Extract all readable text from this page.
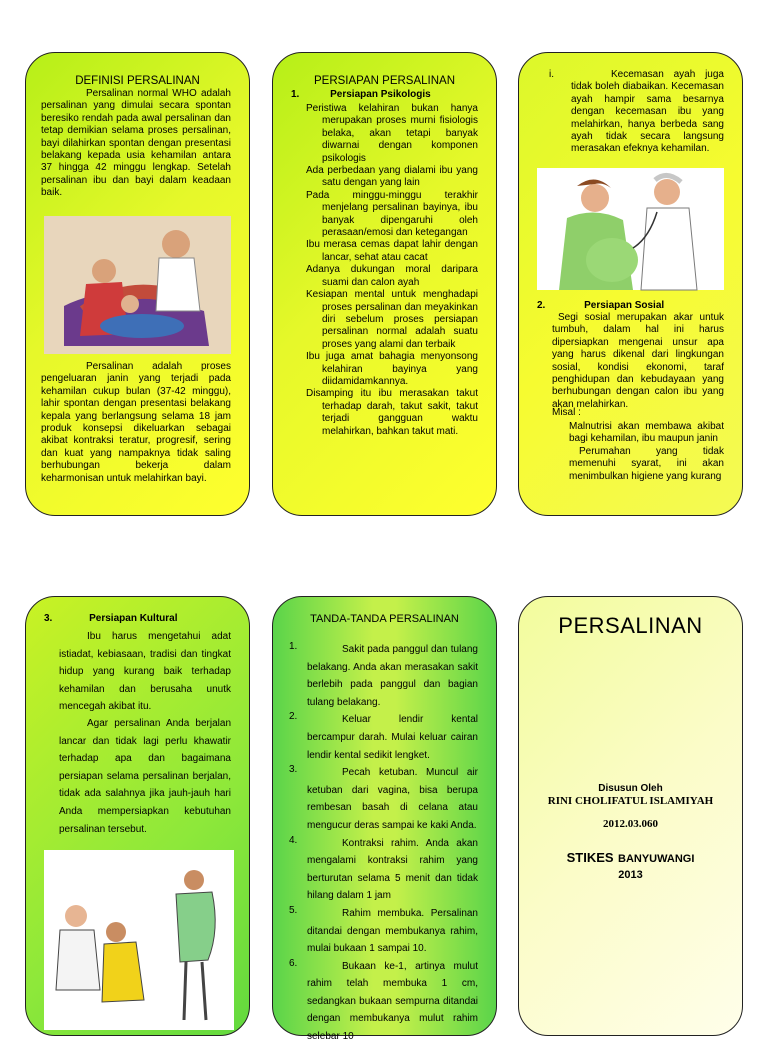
DEFINISI PERSALINAN
Persalinan normal WHO adalah persalinan yang dimulai secara spontan beresiko rendah pada awal persalinan dan tetap demikian selama proses persalinan, bayi dilahirkan spontan dengan presentasi belakang kepada usia kehamilan antara 37 hingga 42 minggu lengkap. Setelah persalinan ibu dan bayi dalam keadaan baik.
Persalinan adalah proses pengeluaran janin yang terjadi pada kehamilan cukup bulan (37-42 minggu), lahir spontan dengan presentasi belakang kepala yang berlangsung selama 18 jam produk konsepsi dikeluarkan sebagai akibat kontraksi teratur, progresif, sering dan kuat yang nampaknya tidak saling berhubungan bekerja dalam keharmonisan untuk melahirkan bayi.
PERSIAPAN PERSALINAN
1.	Persiapan Psikologis
Peristiwa kelahiran bukan hanya merupakan proses murni fisiologis belaka, akan tetapi banyak diwarnai dengan komponen psikologis
Ada perbedaan yang dialami ibu yang satu dengan yang lain
Pada minggu-minggu terakhir menjelang persalinan bayinya, ibu banyak dipengaruhi oleh perasaan/emosi dan ketegangan
Ibu merasa cemas dapat lahir dengan lancar, sehat atau cacat
Adanya dukungan moral daripara suami dan calon ayah
Kesiapan mental untuk menghadapi proses persalinan dan meyakinkan diri sebelum proses persiapan persalinan normal adalah suatu proses yang alami dan terbaik
Ibu juga amat bahagia menyonsong kelahiran bayinya yang diidamidamkannya.
Disamping itu ibu merasakan takut terhadap darah, takut sakit, takut terjadi gangguan waktu melahirkan, bahkan takut mati.
i.	Kecemasan ayah juga tidak boleh diabaikan. Kecemasan ayah hampir sama besarnya dengan kecemasan ibu yang melahirkan, hanya berbeda sang ayah tidak secara langsung merasakan efeknya kehamilan.
2.	Persiapan Sosial
Segi sosial merupakan akar untuk tumbuh, dalam hal ini harus dipersiapkan mengenai unsur apa yang harus dikenal dari lingkungan sosial, kondisi ekonomi, taraf penghidupan dan kebudayaan yang berhubungan dengan calon ibu yang akan melahirkan.
Misal :
Malnutrisi akan membawa akibat bagi kehamilan, ibu maupun janin
Perumahan yang tidak memenuhi syarat, ini akan menimbulkan higiene yang kurang
3.	Persiapan Kultural
Ibu harus mengetahui adat istiadat, kebiasaan, tradisi dan tingkat hidup yang kurang baik terhadap kehamilan dan berusaha unutk mencegah akibat itu.
Agar persalinan Anda berjalan lancar dan tidak lagi perlu khawatir terhadap apa dan bagaimana persiapan selama persalinan berjalan, tidak ada salahnya jika jauh-jauh hari Anda mempersiapkan kebutuhan persalinan tersebut.
TANDA-TANDA PERSALINAN
1.	Sakit pada panggul dan tulang belakang. Anda akan merasakan sakit berlebih pada panggul dan bagian tulang belakang.
2.	Keluar lendir kental bercampur darah. Mulai keluar cairan lendir kental sedikit lengket.
3.	Pecah ketuban. Muncul air ketuban dari vagina, bisa berupa rembesan basah di celana atau mengucur deras sampai ke kaki Anda.
4.	Kontraksi rahim. Anda akan mengalami kontraksi rahim yang berturutan selama 5 menit dan tidak hilang dalam 1 jam
5.	Rahim membuka. Persalinan ditandai dengan membukanya rahim, mulai bukaan 1 sampai 10.
6.	Bukaan ke-1, artinya mulut rahim telah membuka 1 cm, sedangkan bukaan sempurna ditandai dengan membukanya mulut rahim selebar 10
PERSALINAN
Disusun Oleh
RINI CHOLIFATUL ISLAMIYAH
2012.03.060
STIKES BANYUWANGI
2013
